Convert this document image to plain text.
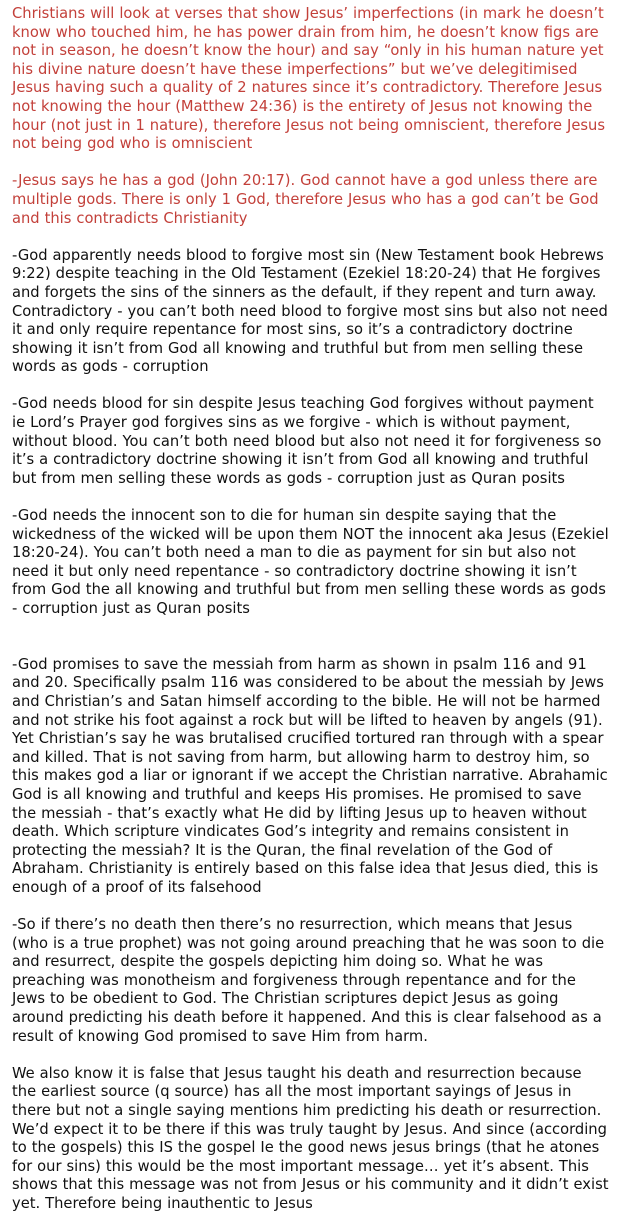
Christians will look at verses that show Jesus’ imperfections (in mark he doesn’t know who touched him, he has power drain from him, he doesn’t know figs are not in season, he doesn’t know the hour) and say “only in his human nature yet his divine nature doesn’t have these imperfections” but we’ve delegitimised Jesus having such a quality of 2 natures since it’s contradictory. Therefore Jesus not knowing the hour (Matthew 24:36) is the entirety of Jesus not knowing the hour (not just in 1 nature), therefore Jesus not being omniscient, therefore Jesus not being god who is omniscient

-Jesus says he has a god (John 20:17). God cannot have a god unless there are multiple gods. There is only 1 God, therefore Jesus who has a god can’t be God and this contradicts Christianity

-God apparently needs blood to forgive most sin (New Testament book Hebrews 9:22) despite teaching in the Old Testament (Ezekiel 18:20-24) that He forgives and forgets the sins of the sinners as the default, if they repent and turn away. Contradictory - you can’t both need blood to forgive most sins but also not need it and only require repentance for most sins, so it’s a contradictory doctrine showing it isn’t from God all knowing and truthful but from men selling these words as gods - corruption

-God needs blood for sin despite Jesus teaching God forgives without payment ie Lord’s Prayer god forgives sins as we forgive - which is without payment, without blood. You can’t both need blood but also not need it for forgiveness so it’s a contradictory doctrine showing it isn’t from God all knowing and truthful but from men selling these words as gods - corruption just as Quran posits

-God needs the innocent son to die for human sin despite saying that the wickedness of the wicked will be upon them NOT the innocent aka Jesus (Ezekiel 18:20-24). You can’t both need a man to die as payment for sin but also not need it but only need repentance - so contradictory doctrine showing it isn’t from God the all knowing and truthful but from men selling these words as gods - corruption just as Quran posits

-God promises to save the messiah from harm as shown in psalm 116 and 91 and 20. Specifically psalm 116 was considered to be about the messiah by Jews and Christian’s and Satan himself according to the bible. He will not be harmed and not strike his foot against a rock but will be lifted to heaven by angels (91). Yet Christian’s say he was brutalised crucified tortured ran through with a spear and killed. That is not saving from harm, but allowing harm to destroy him, so this makes god a liar or ignorant if we accept the Christian narrative. Abrahamic God is all knowing and truthful and keeps His promises. He promised to save the messiah - that’s exactly what He did by lifting Jesus up to heaven without death. Which scripture vindicates God’s integrity and remains consistent in protecting the messiah? It is the Quran, the final revelation of the God of Abraham. Christianity is entirely based on this false idea that Jesus died, this is enough of a proof of its falsehood

-So if there’s no death then there’s no resurrection, which means that Jesus (who is a true prophet) was not going around preaching that he was soon to die and resurrect, despite the gospels depicting him doing so. What he was preaching was monotheism and forgiveness through repentance and for the Jews to be obedient to God. The Christian scriptures depict Jesus as going around predicting his death before it happened. And this is clear falsehood as a result of knowing God promised to save Him from harm.

We also know it is false that Jesus taught his death and resurrection because the earliest source (q source) has all the most important sayings of Jesus in there but not a single saying mentions him predicting his death or resurrection. We’d expect it to be there if this was truly taught by Jesus. And since (according to the gospels) this IS the gospel Ie the good news jesus brings (that he atones for our sins) this would be the most important message… yet it’s absent. This shows that this message was not from Jesus or his community and it didn’t exist yet. Therefore being inauthentic to Jesus
